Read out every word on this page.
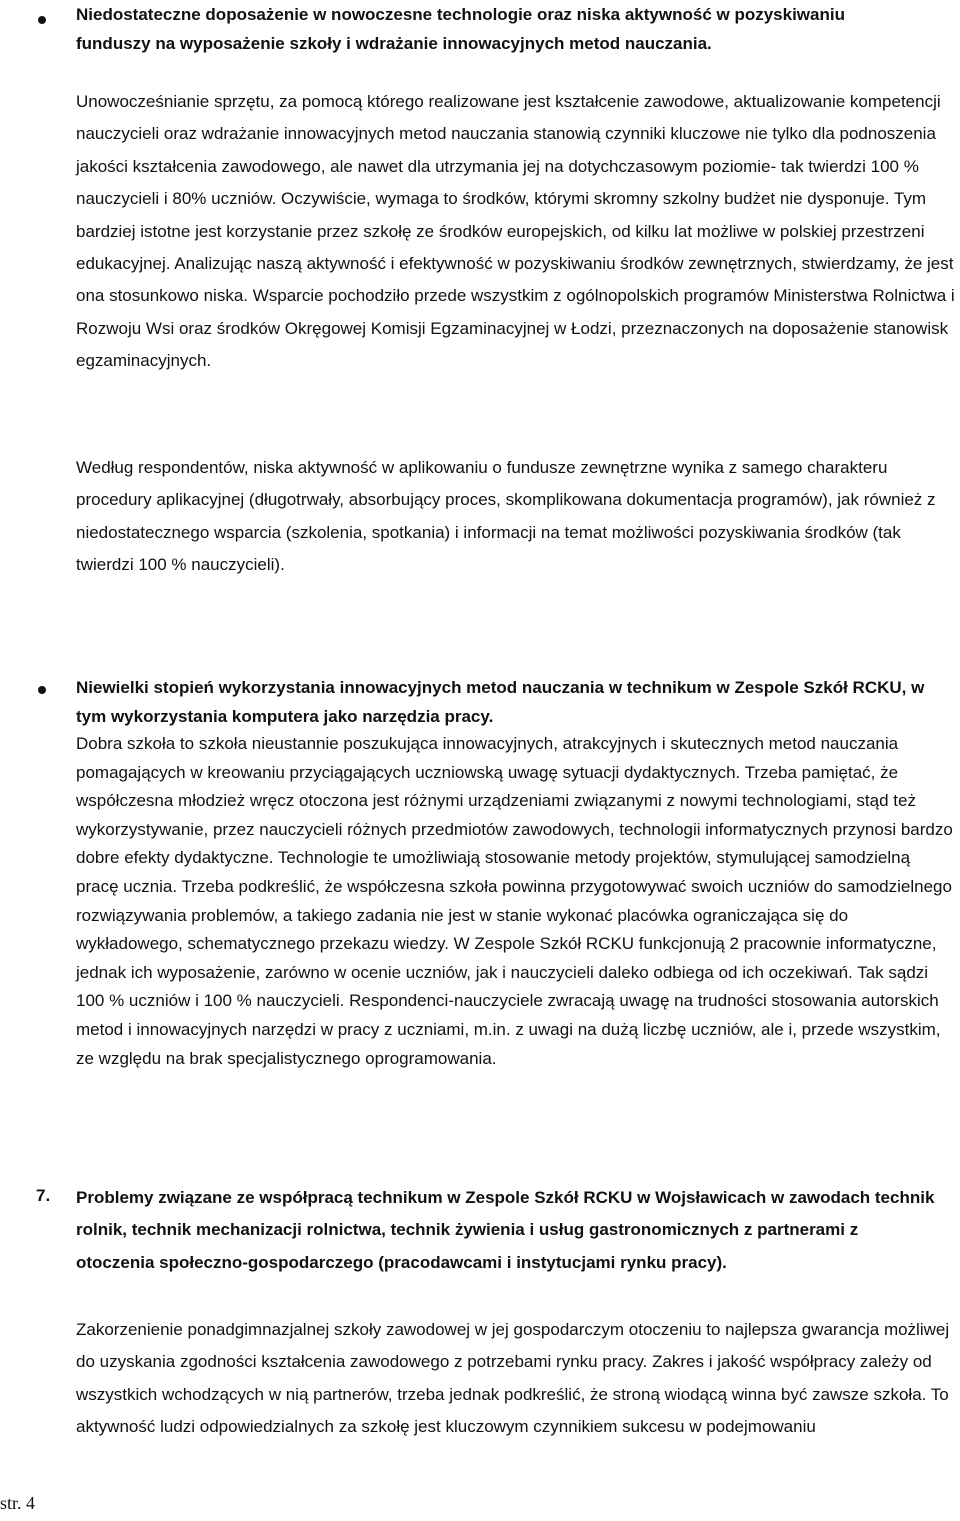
Niedostateczne doposażenie w nowoczesne technologie oraz niska aktywność w pozyskiwaniu funduszy na wyposażenie szkoły i wdrażanie innowacyjnych metod nauczania.

Unowocześnianie sprzętu, za pomocą którego realizowane jest kształcenie zawodowe, aktualizowanie kompetencji nauczycieli oraz wdrażanie innowacyjnych metod nauczania stanowią czynniki kluczowe nie tylko dla podnoszenia jakości kształcenia zawodowego, ale nawet dla utrzymania jej na dotychczasowym poziomie- tak twierdzi 100 % nauczycieli i 80% uczniów. Oczywiście, wymaga to środków, którymi skromny szkolny budżet nie dysponuje. Tym bardziej istotne jest korzystanie przez szkołę ze środków europejskich, od kilku lat możliwe w polskiej przestrzeni edukacyjnej. Analizując naszą aktywność i efektywność w pozyskiwaniu środków zewnętrznych, stwierdzamy, że jest ona stosunkowo niska. Wsparcie pochodziło przede wszystkim z ogólnopolskich programów Ministerstwa Rolnictwa i Rozwoju Wsi oraz środków Okręgowej Komisji Egzaminacyjnej w Łodzi, przeznaczonych na doposażenie stanowisk egzaminacyjnych.

Według respondentów, niska aktywność w aplikowaniu o fundusze zewnętrzne wynika z samego charakteru procedury aplikacyjnej (długotrwały, absorbujący proces, skomplikowana dokumentacja programów), jak również z niedostatecznego wsparcia (szkolenia, spotkania) i informacji na temat możliwości pozyskiwania środków (tak twierdzi 100 % nauczycieli).

Niewielki stopień wykorzystania innowacyjnych metod nauczania w technikum w Zespole Szkół RCKU, w tym wykorzystania komputera jako narzędzia pracy.

Dobra szkoła to szkoła nieustannie poszukująca innowacyjnych, atrakcyjnych i skutecznych metod nauczania pomagających w kreowaniu przyciągających uczniowską uwagę sytuacji dydaktycznych. Trzeba pamiętać, że współczesna młodzież wręcz otoczona jest różnymi urządzeniami związanymi z nowymi technologiami, stąd też wykorzystywanie, przez nauczycieli różnych przedmiotów zawodowych, technologii informatycznych przynosi bardzo dobre efekty dydaktyczne. Technologie te umożliwiają stosowanie metody projektów, stymulującej samodzielną pracę ucznia. Trzeba podkreślić, że współczesna szkoła powinna przygotowywać swoich uczniów do samodzielnego rozwiązywania problemów, a takiego zadania nie jest w stanie wykonać placówka ograniczająca się do wykładowego, schematycznego przekazu wiedzy. W Zespole Szkół RCKU funkcjonują 2 pracownie informatyczne, jednak ich wyposażenie, zarówno w ocenie uczniów, jak i nauczycieli daleko odbiega od ich oczekiwań. Tak sądzi 100 % uczniów i 100 % nauczycieli. Respondenci-nauczyciele zwracają uwagę na trudności stosowania autorskich metod i innowacyjnych narzędzi w pracy z uczniami, m.in. z uwagi na dużą liczbę uczniów, ale i, przede wszystkim, ze względu na brak specjalistycznego oprogramowania.

7. Problemy związane ze współpracą technikum w Zespole Szkół RCKU w Wojsławicach w zawodach technik rolnik, technik mechanizacji rolnictwa, technik żywienia i usług gastronomicznych z partnerami z otoczenia społeczno-gospodarczego (pracodawcami i instytucjami rynku pracy).

Zakorzenienie ponadgimnazjalnej szkoły zawodowej w jej gospodarczym otoczeniu to najlepsza gwarancja możliwej do uzyskania zgodności kształcenia zawodowego z potrzebami rynku pracy. Zakres i jakość współpracy zależy od wszystkich wchodzących w nią partnerów, trzeba jednak podkreślić, że stroną wiodącą winna być zawsze szkoła. To aktywność ludzi odpowiedzialnych za szkołę jest kluczowym czynnikiem sukcesu w podejmowaniu

str. 4
